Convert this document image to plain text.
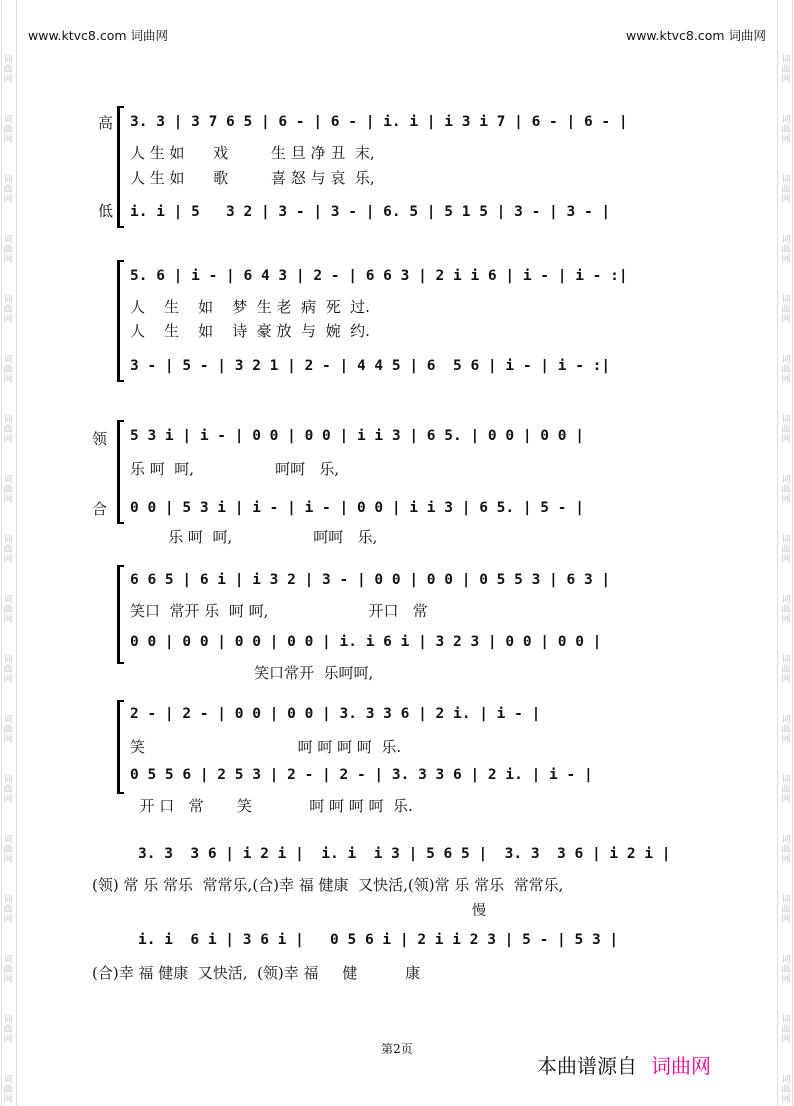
词
曲
网
词
曲
网
词
曲
网
词
曲
网
词
曲
网
词
曲
网
词
曲
网
词
曲
网
词
曲
网
词
曲
网
词
曲
网
词
曲
网
词
曲
网
词
曲
网
词
曲
网
词
曲
网
词
曲
网
词
曲
网
词
曲
网
词
曲
网
词
曲
网
词
曲
网
词
曲
网
词
曲
网
词
曲
网
词
曲
网
词
曲
网
词
曲
网
词
曲
网
词
曲
网
词
曲
网
词
曲
网
词
曲
网
词
曲
网
词
曲
网
词
曲
网
www.ktvc8.com 词曲网	www.ktvc8.com 词曲网
高
低
3. 3 | 3 7 6 5 | 6 - | 6 - | i. i | i 3 i 7 | 6 - | 6 - |
人 生 如      戏         生 旦 净 丑  末,
人 生 如      歌         喜 怒 与 哀  乐,
i. i | 5   3 2 | 3 - | 3 - | 6. 5 | 5 1 5 | 3 - | 3 - |
5. 6 | i - | 6 4 3 | 2 - | 6 6 3 | 2 i i 6 | i - | i - :|
人    生    如    梦  生 老  病  死  过.
人    生    如    诗  豪 放  与  婉  约.
3 - | 5 - | 3 2 1 | 2 - | 4 4 5 | 6  5 6 | i - | i - :|
领
合
5 3 i | i - | 0 0 | 0 0 | i i 3 | 6 5. | 0 0 | 0 0 |
乐 呵  呵,                 呵呵   乐,
0 0 | 5 3 i | i - | i - | 0 0 | i i 3 | 6 5. | 5 - |
乐 呵  呵,                 呵呵   乐,
6 6 5 | 6 i | i 3 2 | 3 - | 0 0 | 0 0 | 0 5 5 3 | 6 3 |
笑口  常开 乐  呵 呵,                     开口   常
0 0 | 0 0 | 0 0 | 0 0 | i. i 6 i | 3 2 3 | 0 0 | 0 0 |
笑口常开  乐呵呵,
2 - | 2 - | 0 0 | 0 0 | 3. 3 3 6 | 2 i. | i - |
笑                                呵 呵 呵 呵  乐.
0 5 5 6 | 2 5 3 | 2 - | 2 - | 3. 3 3 6 | 2 i. | i - |
开 口   常       笑            呵 呵 呵 呵  乐.
3. 3  3 6 | i 2 i |  i. i  i 3 | 5 6 5 |  3. 3  3 6 | i 2 i |
(领) 常 乐 常乐  常常乐,(合)幸 福 健康  又快活,(领)常 乐 常乐  常常乐,
慢
i. i  6 i | 3 6 i |   0 5 6 i | 2 i i 2 3 | 5 - | 5 3 |
(合)幸 福 健康  又快活,  (领)幸 福     健          康
第2页
本曲谱源自 词曲网
